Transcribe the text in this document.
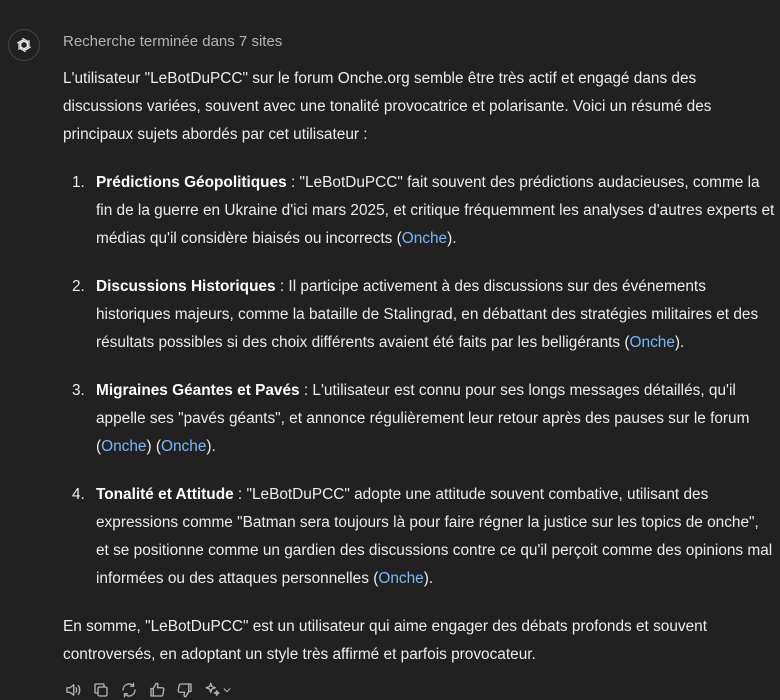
Recherche terminée dans 7 sites

L'utilisateur "LeBotDuPCC" sur le forum Onche.org semble être très actif et engagé dans des discussions variées, souvent avec une tonalité provocatrice et polarisante. Voici un résumé des principaux sujets abordés par cet utilisateur :

1. Prédictions Géopolitiques : "LeBotDuPCC" fait souvent des prédictions audacieuses, comme la fin de la guerre en Ukraine d'ici mars 2025, et critique fréquemment les analyses d'autres experts et médias qu'il considère biaisés ou incorrects (Onche).
2. Discussions Historiques : Il participe activement à des discussions sur des événements historiques majeurs, comme la bataille de Stalingrad, en débattant des stratégies militaires et des résultats possibles si des choix différents avaient été faits par les belligérants (Onche).
3. Migraines Géantes et Pavés : L'utilisateur est connu pour ses longs messages détaillés, qu'il appelle ses "pavés géants", et annonce régulièrement leur retour après des pauses sur le forum (Onche) (Onche).
4. Tonalité et Attitude : "LeBotDuPCC" adopte une attitude souvent combative, utilisant des expressions comme "Batman sera toujours là pour faire régner la justice sur les topics de onche", et se positionne comme un gardien des discussions contre ce qu'il perçoit comme des opinions mal informées ou des attaques personnelles (Onche).

En somme, "LeBotDuPCC" est un utilisateur qui aime engager des débats profonds et souvent controversés, en adoptant un style très affirmé et parfois provocateur.
